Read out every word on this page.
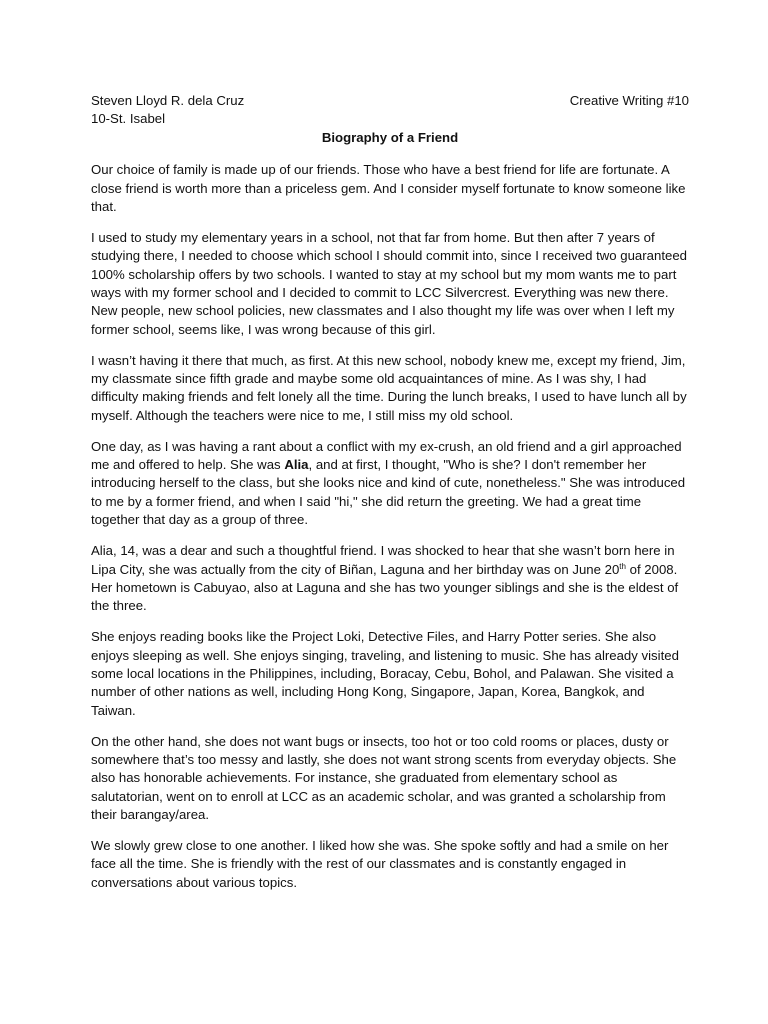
Steven Lloyd R. dela Cruz	Creative Writing #10
10-St. Isabel
Biography of a Friend

Our choice of family is made up of our friends. Those who have a best friend for life are fortunate. A close friend is worth more than a priceless gem. And I consider myself fortunate to know someone like that.

I used to study my elementary years in a school, not that far from home. But then after 7 years of studying there, I needed to choose which school I should commit into, since I received two guaranteed 100% scholarship offers by two schools. I wanted to stay at my school but my mom wants me to part ways with my former school and I decided to commit to LCC Silvercrest. Everything was new there. New people, new school policies, new classmates and I also thought my life was over when I left my former school, seems like, I was wrong because of this girl.

I wasn’t having it there that much, as first. At this new school, nobody knew me, except my friend, Jim, my classmate since fifth grade and maybe some old acquaintances of mine. As I was shy, I had difficulty making friends and felt lonely all the time. During the lunch breaks, I used to have lunch all by myself. Although the teachers were nice to me, I still miss my old school.

One day, as I was having a rant about a conflict with my ex-crush, an old friend and a girl approached me and offered to help. She was Alia, and at first, I thought, "Who is she? I don't remember her introducing herself to the class, but she looks nice and kind of cute, nonetheless." She was introduced to me by a former friend, and when I said "hi," she did return the greeting. We had a great time together that day as a group of three.

Alia, 14, was a dear and such a thoughtful friend. I was shocked to hear that she wasn’t born here in Lipa City, she was actually from the city of Biñan, Laguna and her birthday was on June 20th of 2008. Her hometown is Cabuyao, also at Laguna and she has two younger siblings and she is the eldest of the three.

She enjoys reading books like the Project Loki, Detective Files, and Harry Potter series. She also enjoys sleeping as well. She enjoys singing, traveling, and listening to music. She has already visited some local locations in the Philippines, including, Boracay, Cebu, Bohol, and Palawan. She visited a number of other nations as well, including Hong Kong, Singapore, Japan, Korea, Bangkok, and Taiwan.

On the other hand, she does not want bugs or insects, too hot or too cold rooms or places, dusty or somewhere that’s too messy and lastly, she does not want strong scents from everyday objects. She also has honorable achievements. For instance, she graduated from elementary school as salutatorian, went on to enroll at LCC as an academic scholar, and was granted a scholarship from their barangay/area.

We slowly grew close to one another. I liked how she was. She spoke softly and had a smile on her face all the time. She is friendly with the rest of our classmates and is constantly engaged in conversations about various topics.
